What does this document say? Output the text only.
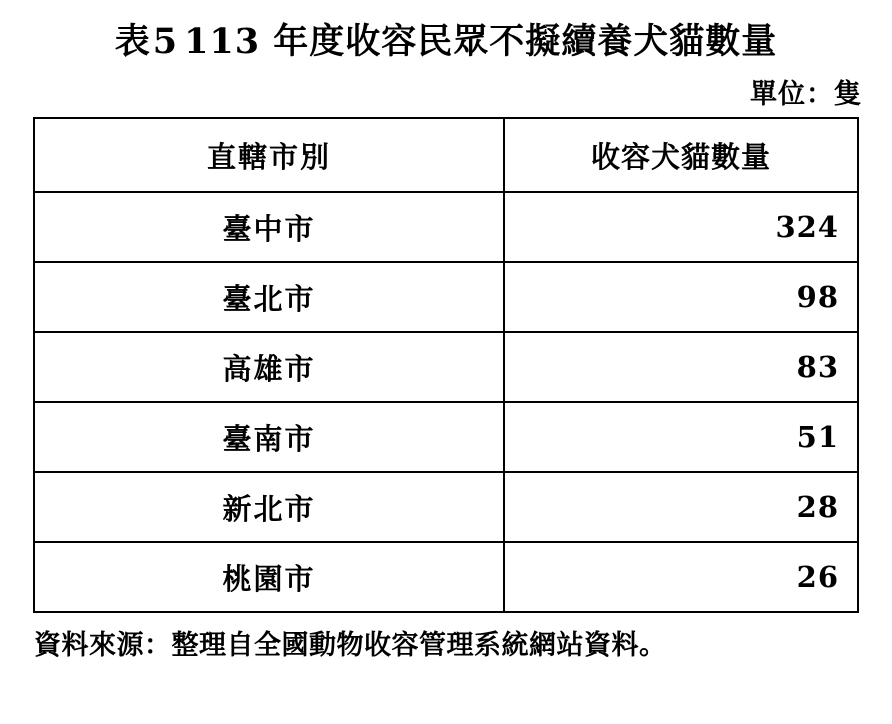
表5 113 年度收容民眾不擬續養犬貓數量
單位：隻
直轄市別	收容犬貓數量
臺中市	324
臺北市	98
高雄市	83
臺南市	51
新北市	28
桃園市	26
資料來源：整理自全國動物收容管理系統網站資料。
